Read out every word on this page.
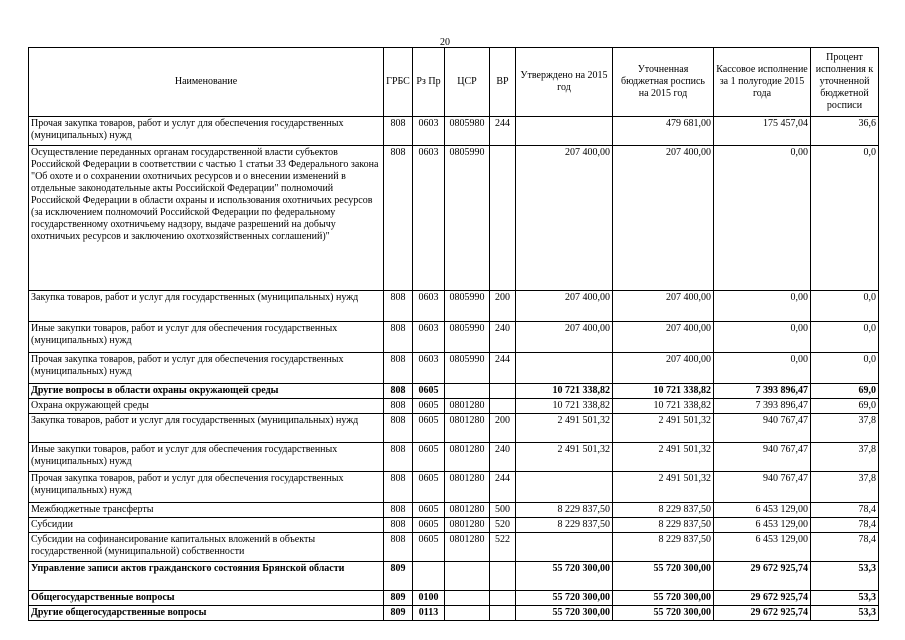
20
Наименование	ГРБС	Рз Пр	ЦСР	ВР	Утверждено на 2015 год	Уточненная бюджетная роспись на 2015 год	Кассовое исполнение за 1 полугодие 2015 года	Процент исполнения к уточненной бюджетной росписи
Прочая закупка товаров, работ и услуг для обеспечения государственных (муниципальных) нужд	808	0603	0805980	244		479 681,00	175 457,04	36,6
Осуществление переданных органам государственной власти субъектов Российской Федерации в соответствии с частью 1 статьи 33 Федерального закона "Об охоте и о сохранении охотничьих ресурсов и о внесении изменений в отдельные законодательные акты Российской Федерации" полномочий Российской Федерации в области охраны и использования охотничьих ресурсов (за исключением полномочий Российской Федерации по федеральному государственному охотничьему надзору, выдаче разрешений на добычу охотничьих ресурсов и заключению охотхозяйственных соглашений)"	808	0603	0805990		207 400,00	207 400,00	0,00	0,0
Закупка товаров, работ и услуг для государственных (муниципальных) нужд	808	0603	0805990	200	207 400,00	207 400,00	0,00	0,0
Иные закупки товаров, работ и услуг для обеспечения государственных (муниципальных) нужд	808	0603	0805990	240	207 400,00	207 400,00	0,00	0,0
Прочая закупка товаров, работ и услуг для обеспечения государственных (муниципальных) нужд	808	0603	0805990	244		207 400,00	0,00	0,0
Другие вопросы в области охраны окружающей среды	808	0605			10 721 338,82	10 721 338,82	7 393 896,47	69,0
Охрана окружающей среды	808	0605	0801280		10 721 338,82	10 721 338,82	7 393 896,47	69,0
Закупка товаров, работ и услуг для государственных (муниципальных) нужд	808	0605	0801280	200	2 491 501,32	2 491 501,32	940 767,47	37,8
Иные закупки товаров, работ и услуг для обеспечения государственных (муниципальных) нужд	808	0605	0801280	240	2 491 501,32	2 491 501,32	940 767,47	37,8
Прочая закупка товаров, работ и услуг для обеспечения государственных (муниципальных) нужд	808	0605	0801280	244		2 491 501,32	940 767,47	37,8
Межбюджетные трансферты	808	0605	0801280	500	8 229 837,50	8 229 837,50	6 453 129,00	78,4
Субсидии	808	0605	0801280	520	8 229 837,50	8 229 837,50	6 453 129,00	78,4
Субсидии на софинансирование капитальных вложений в объекты государственной (муниципальной) собственности	808	0605	0801280	522		8 229 837,50	6 453 129,00	78,4
Управление записи актов гражданского состояния Брянской области	809				55 720 300,00	55 720 300,00	29 672 925,74	53,3
Общегосударственные вопросы	809	0100			55 720 300,00	55 720 300,00	29 672 925,74	53,3
Другие общегосударственные вопросы	809	0113			55 720 300,00	55 720 300,00	29 672 925,74	53,3
